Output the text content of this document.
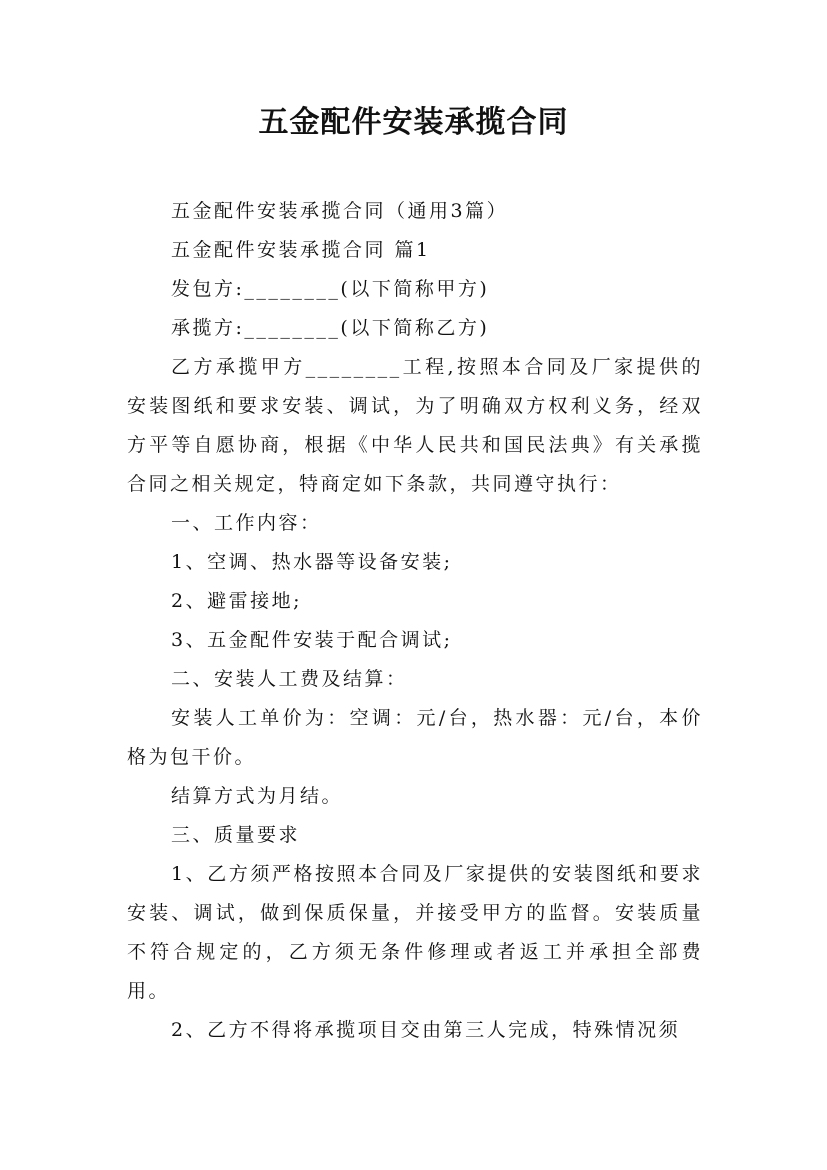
五金配件安装承揽合同

五金配件安装承揽合同（通用3篇）

五金配件安装承揽合同 篇1

发包方:________(以下简称甲方)

承揽方:________(以下简称乙方)

乙方承揽甲方________工程,按照本合同及厂家提供的安装图纸和要求安装、调试，为了明确双方权利义务，经双方平等自愿协商，根据《中华人民共和国民法典》有关承揽合同之相关规定，特商定如下条款，共同遵守执行：

一、工作内容：

1、空调、热水器等设备安装;

2、避雷接地;

3、五金配件安装于配合调试;

二、安装人工费及结算：

安装人工单价为：空调：元/台，热水器：元/台，本价格为包干价。

结算方式为月结。

三、质量要求

1、乙方须严格按照本合同及厂家提供的安装图纸和要求安装、调试，做到保质保量，并接受甲方的监督。安装质量不符合规定的，乙方须无条件修理或者返工并承担全部费用。

2、乙方不得将承揽项目交由第三人完成，特殊情况须
